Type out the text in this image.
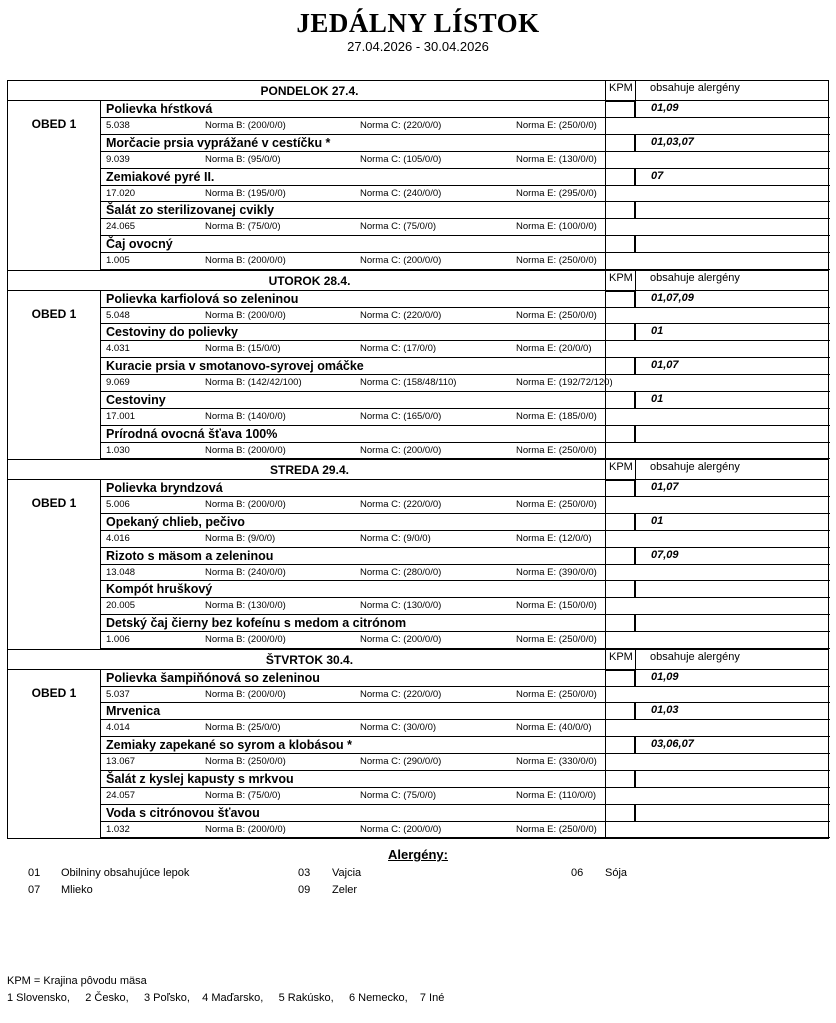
JEDÁLNY LÍSTOK
27.04.2026 - 30.04.2026
PONDELOK 27.4.	KPM	obsahuje alergény
OBED 1
Polievka hŕstková	01,09
5.038	Norma B: (200/0/0)	Norma C: (220/0/0)	Norma E: (250/0/0)
Morčacie prsia vyprážané v cestíčku *	01,03,07
9.039	Norma B: (95/0/0)	Norma C: (105/0/0)	Norma E: (130/0/0)
Zemiakové pyré II.	07
17.020	Norma B: (195/0/0)	Norma C: (240/0/0)	Norma E: (295/0/0)
Šalát zo sterilizovanej cvikly
24.065	Norma B: (75/0/0)	Norma C: (75/0/0)	Norma E: (100/0/0)
Čaj ovocný
1.005	Norma B: (200/0/0)	Norma C: (200/0/0)	Norma E: (250/0/0)
UTOROK 28.4.	KPM	obsahuje alergény
OBED 1
Polievka karfiolová so zeleninou	01,07,09
5.048	Norma B: (200/0/0)	Norma C: (220/0/0)	Norma E: (250/0/0)
Cestoviny do polievky	01
4.031	Norma B: (15/0/0)	Norma C: (17/0/0)	Norma E: (20/0/0)
Kuracie prsia v smotanovo-syrovej omáčke	01,07
9.069	Norma B: (142/42/100)	Norma C: (158/48/110)	Norma E: (192/72/120)
Cestoviny	01
17.001	Norma B: (140/0/0)	Norma C: (165/0/0)	Norma E: (185/0/0)
Prírodná ovocná šťava 100%
1.030	Norma B: (200/0/0)	Norma C: (200/0/0)	Norma E: (250/0/0)
STREDA 29.4.	KPM	obsahuje alergény
OBED 1
Polievka bryndzová	01,07
5.006	Norma B: (200/0/0)	Norma C: (220/0/0)	Norma E: (250/0/0)
Opekaný chlieb, pečivo	01
4.016	Norma B: (9/0/0)	Norma C: (9/0/0)	Norma E: (12/0/0)
Rizoto s mäsom a zeleninou	07,09
13.048	Norma B: (240/0/0)	Norma C: (280/0/0)	Norma E: (390/0/0)
Kompót hruškový
20.005	Norma B: (130/0/0)	Norma C: (130/0/0)	Norma E: (150/0/0)
Detský čaj čierny bez kofeínu s medom a citrónom
1.006	Norma B: (200/0/0)	Norma C: (200/0/0)	Norma E: (250/0/0)
ŠTVRTOK 30.4.	KPM	obsahuje alergény
OBED 1
Polievka šampiňónová so zeleninou	01,09
5.037	Norma B: (200/0/0)	Norma C: (220/0/0)	Norma E: (250/0/0)
Mrvenica	01,03
4.014	Norma B: (25/0/0)	Norma C: (30/0/0)	Norma E: (40/0/0)
Zemiaky zapekané so syrom a klobásou *	03,06,07
13.067	Norma B: (250/0/0)	Norma C: (290/0/0)	Norma E: (330/0/0)
Šalát z kyslej kapusty s mrkvou
24.057	Norma B: (75/0/0)	Norma C: (75/0/0)	Norma E: (110/0/0)
Voda s citrónovou šťavou
1.032	Norma B: (200/0/0)	Norma C: (200/0/0)	Norma E: (250/0/0)
Alergény:
01 Obilniny obsahujúce lepok	03 Vajcia	06 Sója
07 Mlieko	09 Zeler
KPM = Krajina pôvodu mäsa
1 Slovensko,     2 Česko,     3 Poľsko,    4 Maďarsko,     5 Rakúsko,     6 Nemecko,    7 Iné
